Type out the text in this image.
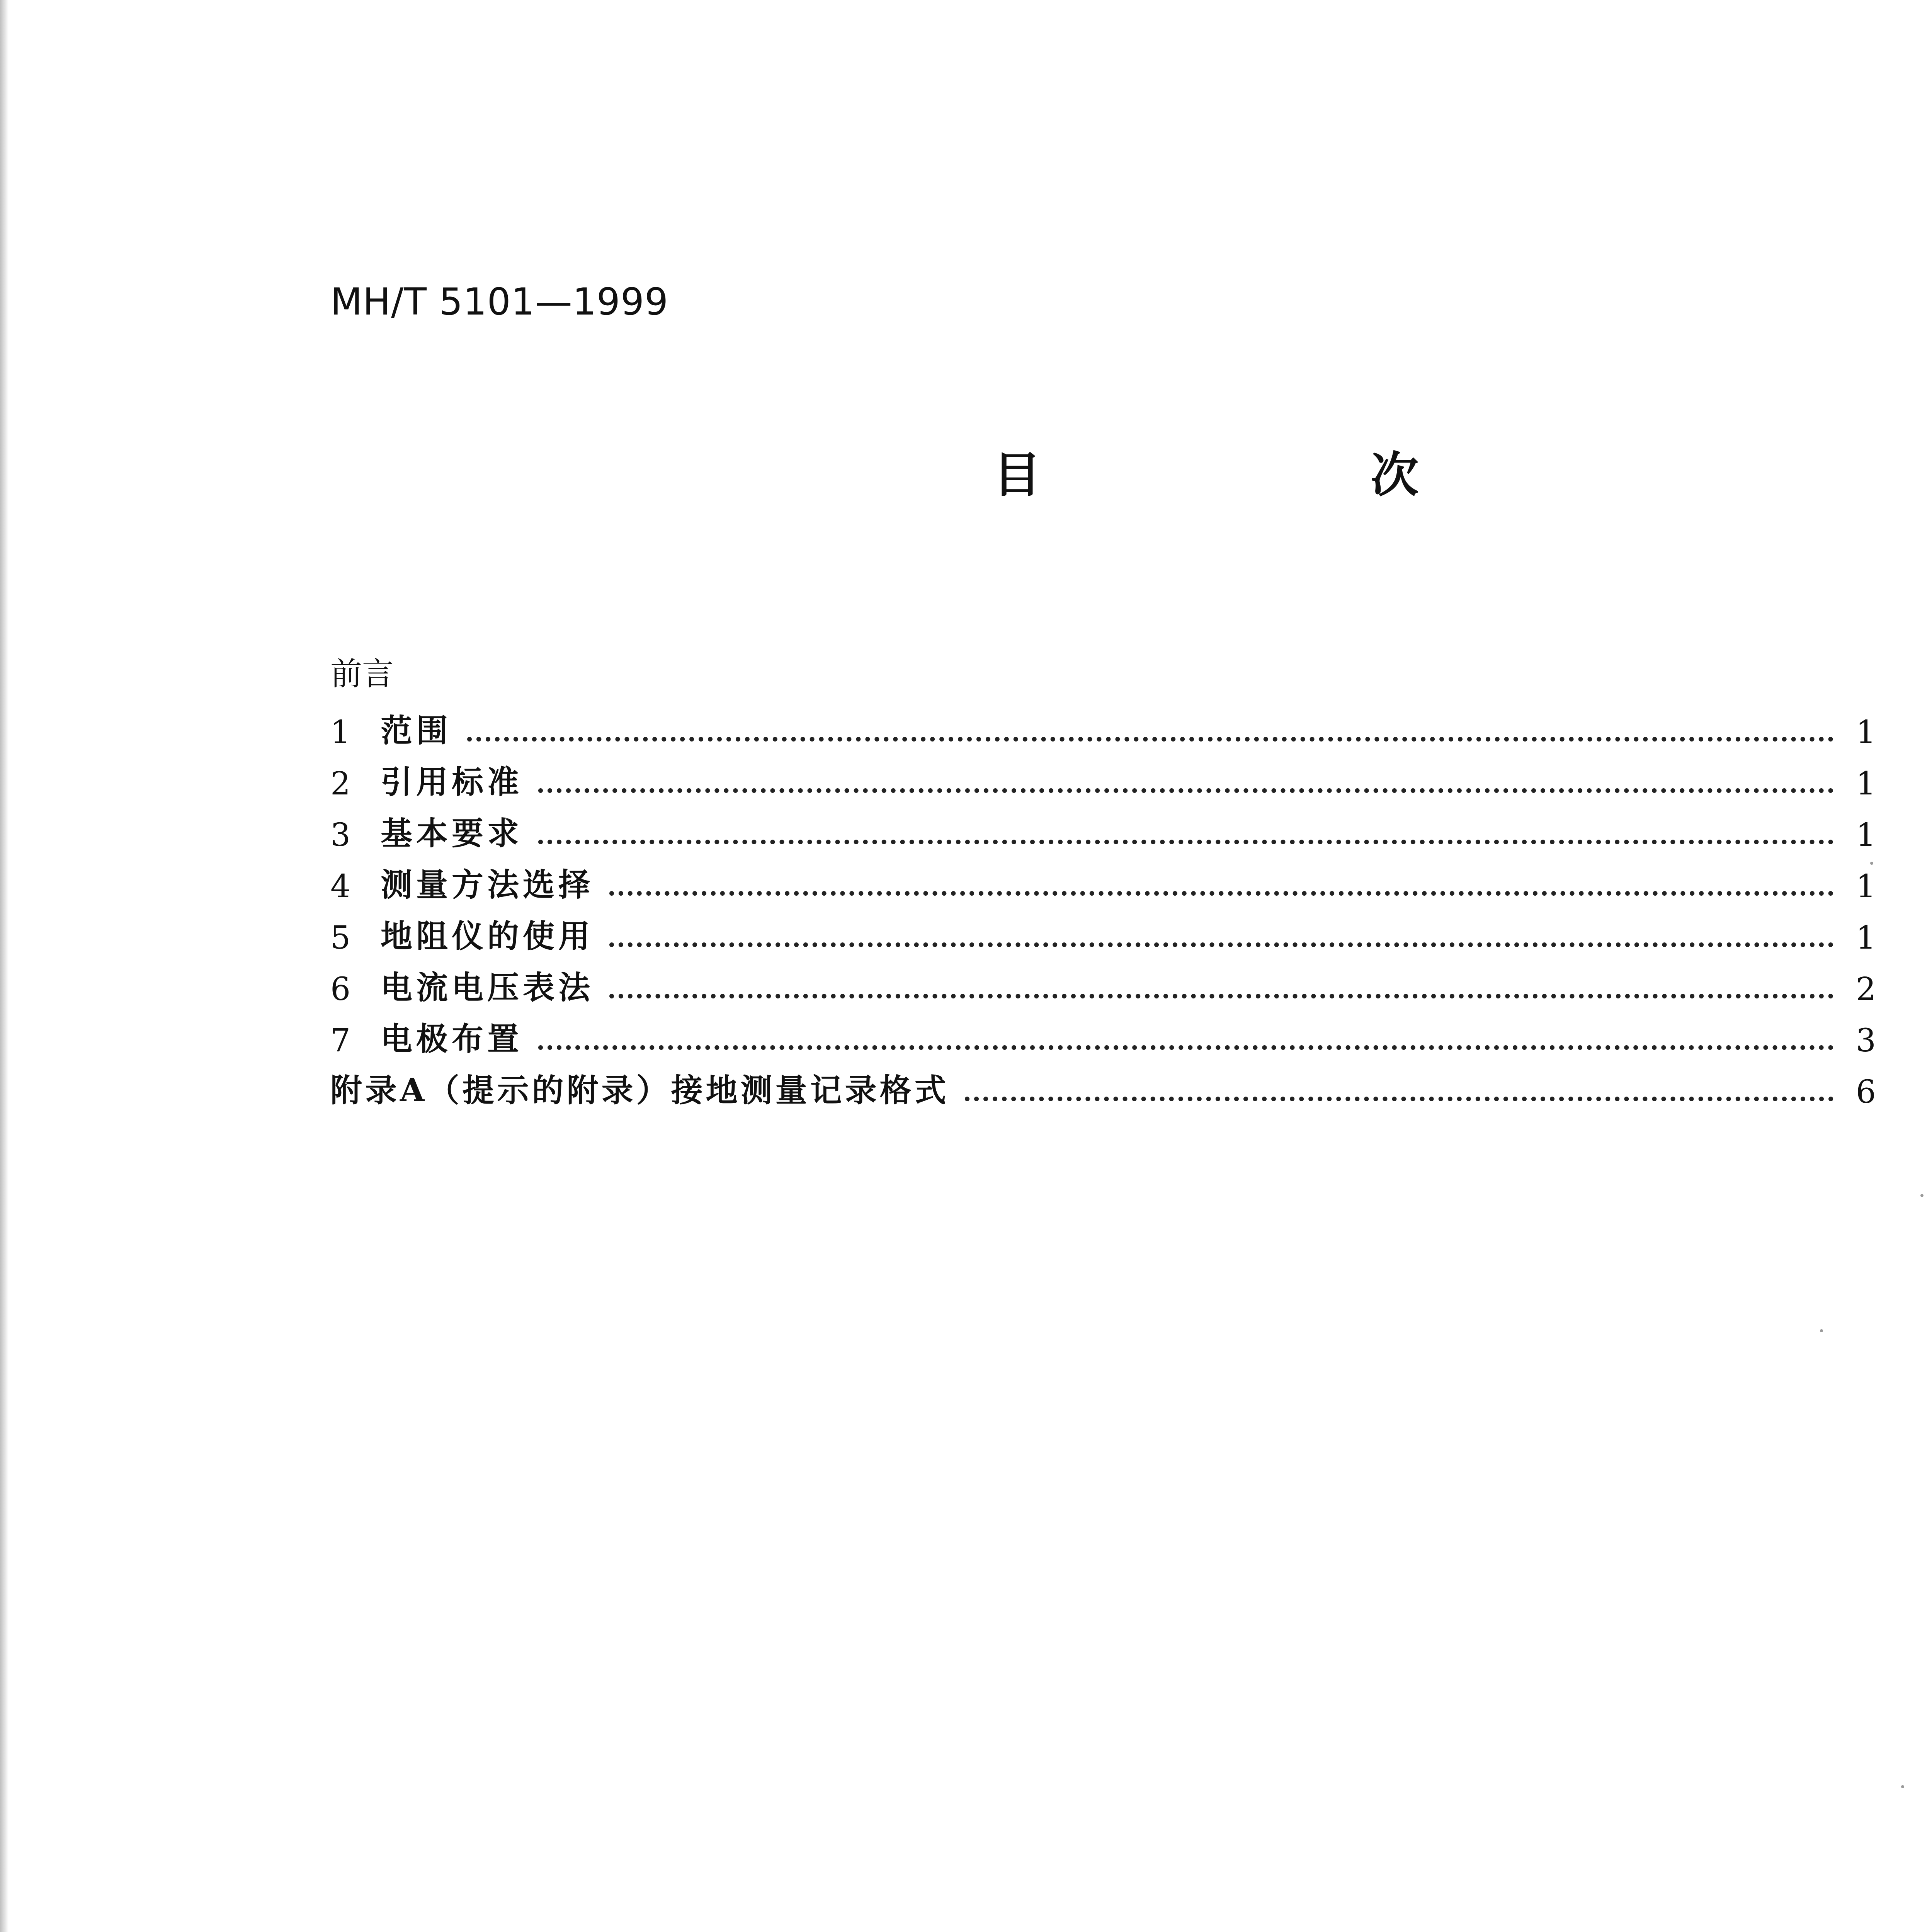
MH/T 5101—1999
目 次
前言
1 范围	1
2 引用标准	1
3 基本要求	1
4 测量方法选择	1
5 地阻仪的使用	1
6 电流电压表法	2
7 电极布置	3
附录A（提示的附录）接地测量记录格式	6
